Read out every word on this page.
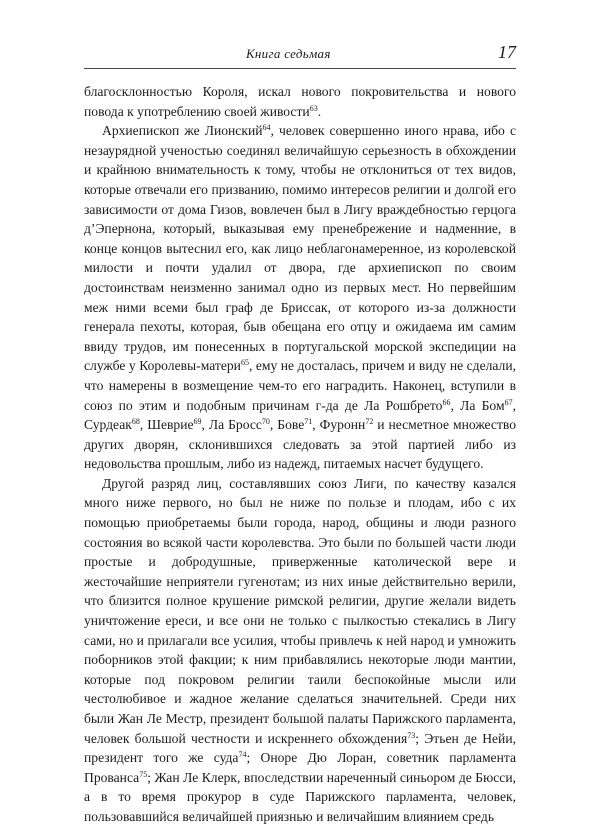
Книга седьмая	17

благосклонностью Короля, искал нового покровительства и нового повода к употреблению своей живости$^{63}$.

Архиепископ же Лионский$^{64}$, человек совершенно иного нрава, ибо с незаурядной ученостью соединял величайшую серьезность в обхождении и крайнюю внимательность к тому, чтобы не отклониться от тех видов, которые отвечали его призванию, помимо интересов религии и долгой его зависимости от дома Гизов, вовлечен был в Лигу враждебностью герцога д’Эпернона, который, выказывая ему пренебрежение и надменние, в конце концов вытеснил его, как лицо неблагонамеренное, из королевской милости и почти удалил от двора, где архиепископ по своим достоинствам неизменно занимал одно из первых мест. Но первейшим меж ними всеми был граф де Бриссак, от которого из-за должности генерала пехоты, которая, быв обещана его отцу и ожидаема им самим ввиду трудов, им понесенных в португальской морской экспедиции на службе у Королевы-матери$^{65}$, ему не досталась, причем и виду не сделали, что намерены в возмещение чем-то его наградить. Наконец, вступили в союз по этим и подобным причинам г-да де Ла Рошбрето$^{66}$, Ла Бом$^{67}$, Сурдеак$^{68}$, Шеврие$^{69}$, Ла Бросс$^{70}$, Бове$^{71}$, Фуронн$^{72}$ и несметное множество других дворян, склонившихся следовать за этой партией либо из недовольства прошлым, либо из надежд, питаемых насчет будущего.

Другой разряд лиц, составлявших союз Лиги, по качеству казался много ниже первого, но был не ниже по пользе и плодам, ибо с их помощью приобретаемы были города, народ, общины и люди разного состояния во всякой части королевства. Это были по большей части люди простые и добродушные, приверженные католической вере и жесточайшие неприятели гугенотам; из них иные действительно верили, что близится полное крушение римской религии, другие желали видеть уничтожение ереси, и все они не только с пылкостью стекались в Лигу сами, но и прилагали все усилия, чтобы привлечь к ней народ и умножить поборников этой факции; к ним прибавлялись некоторые люди мантии, которые под покровом религии таили беспокойные мысли или честолюбивое и жадное желание сделаться значительней. Среди них были Жан Ле Местр, президент большой палаты Парижского парламента, человек большой честности и искреннего обхождения$^{73}$; Этьен де Нейи, президент того же суда$^{74}$; Оноре Дю Лоран, советник парламента Прованса$^{75}$; Жан Ле Клерк, впоследствии нареченный синьором де Бюсси, а в то время прокурор в суде Парижского парламента, человек, пользовавшийся величайшей приязнью и величайшим влиянием средь
